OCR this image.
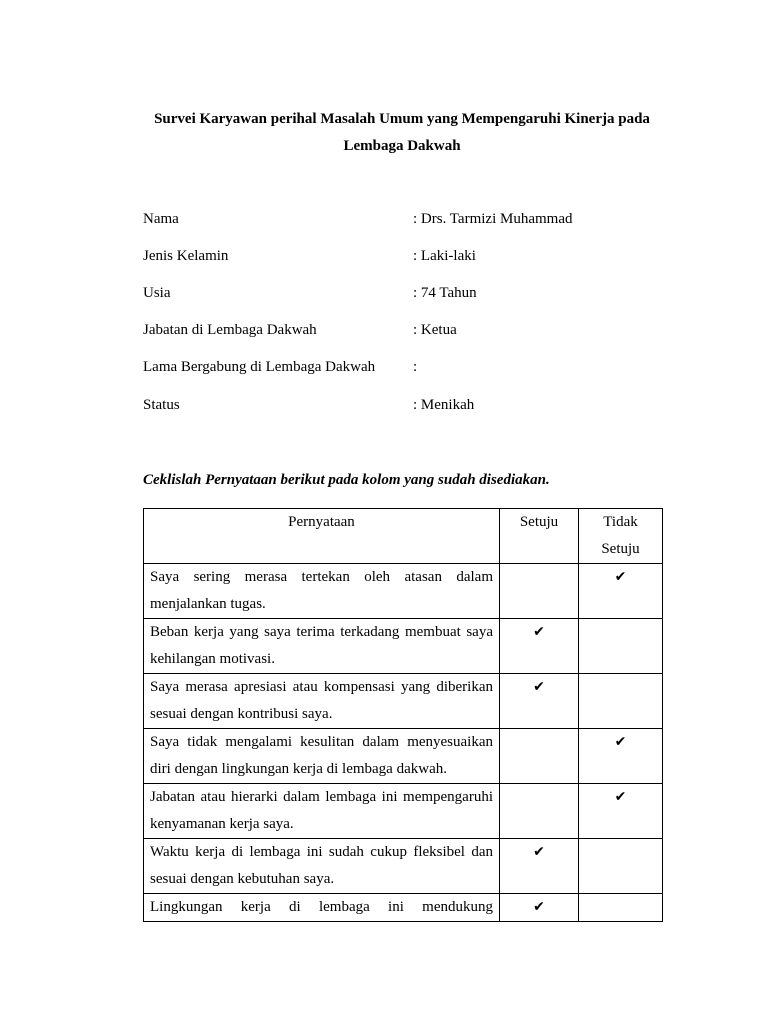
Survei Karyawan perihal Masalah Umum yang Mempengaruhi Kinerja pada
Lembaga Dakwah
Nama	: Drs. Tarmizi Muhammad
Jenis Kelamin	: Laki-laki
Usia	: 74 Tahun
Jabatan di Lembaga Dakwah	: Ketua
Lama Bergabung di Lembaga Dakwah	:
Status	: Menikah
Ceklislah Pernyataan berikut pada kolom yang sudah disediakan.
Pernyataan	Setuju	Tidak
Setuju
Saya sering merasa tertekan oleh atasan dalam menjalankan tugas.		✔
Beban kerja yang saya terima terkadang membuat saya kehilangan motivasi.	✔	
Saya merasa apresiasi atau kompensasi yang diberikan sesuai dengan kontribusi saya.	✔	
Saya tidak mengalami kesulitan dalam menyesuaikan diri dengan lingkungan kerja di lembaga dakwah.		✔
Jabatan atau hierarki dalam lembaga ini mempengaruhi kenyamanan kerja saya.		✔
Waktu kerja di lembaga ini sudah cukup fleksibel dan sesuai dengan kebutuhan saya.	✔	
Lingkungan kerja di lembaga ini mendukung	✔	
